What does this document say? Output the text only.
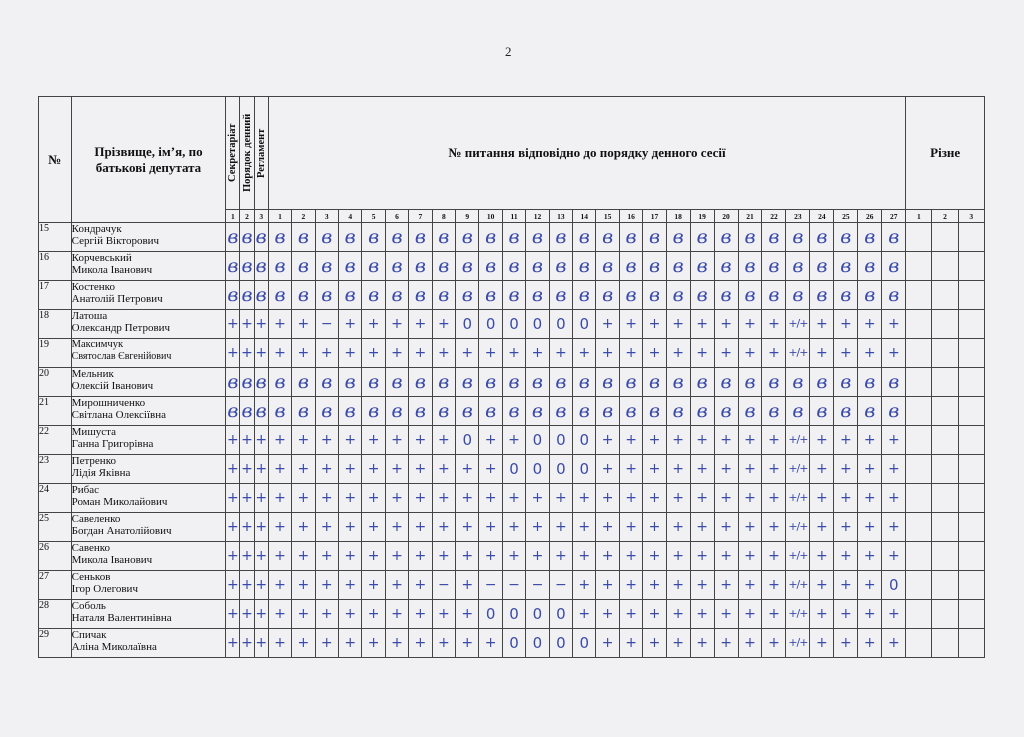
2
№	Прізвище, ім’я, по батькові депутата	Секретаріат	Порядок денний	Регламент	№ питання відповідно до порядку денного сесії																											Різне		
		1	2	3	1	2	3	4	5	6	7	8	9	10	11	12	13	14	15	16	17	18	19	20	21	22	23	24	25	26	27	1	2	3
15	Кондрачук
Сергій Вікторович	в	в	в	в	в	в	в	в	в	в	в	в	в	в	в	в	в	в	в	в	в	в	в	в	в	в	в	в	в	в			
16	Корчевський
Микола Іванович	в	в	в	в	в	в	в	в	в	в	в	в	в	в	в	в	в	в	в	в	в	в	в	в	в	в	в	в	в	в			
17	Костенко
Анатолій Петрович	в	в	в	в	в	в	в	в	в	в	в	в	в	в	в	в	в	в	в	в	в	в	в	в	в	в	в	в	в	в			
18	Латоша
Олександр Петрович	+	+	+	+	+	−	+	+	+	+	+	0	0	0	0	0	0	+	+	+	+	+	+	+	+	+/+	+	+	+	+			
19	Максимчук
Святослав Євгенійович	+	+	+	+	+	+	+	+	+	+	+	+	+	+	+	+	+	+	+	+	+	+	+	+	+	+/+	+	+	+	+			
20	Мельник
Олексій Іванович	в	в	в	в	в	в	в	в	в	в	в	в	в	в	в	в	в	в	в	в	в	в	в	в	в	в	в	в	в	в			
21	Мирошниченко
Світлана Олексіївна	в	в	в	в	в	в	в	в	в	в	в	в	в	в	в	в	в	в	в	в	в	в	в	в	в	в	в	в	в	в			
22	Мишуста
Ганна Григорівна	+	+	+	+	+	+	+	+	+	+	+	0	+	+	0	0	0	+	+	+	+	+	+	+	+	+/+	+	+	+	+			
23	Петренко
Лідія Яківна	+	+	+	+	+	+	+	+	+	+	+	+	+	0	0	0	0	+	+	+	+	+	+	+	+	+/+	+	+	+	+			
24	Рибас
Роман Миколайович	+	+	+	+	+	+	+	+	+	+	+	+	+	+	+	+	+	+	+	+	+	+	+	+	+	+/+	+	+	+	+			
25	Савеленко
Богдан Анатолійович	+	+	+	+	+	+	+	+	+	+	+	+	+	+	+	+	+	+	+	+	+	+	+	+	+	+/+	+	+	+	+			
26	Савенко
Микола Іванович	+	+	+	+	+	+	+	+	+	+	+	+	+	+	+	+	+	+	+	+	+	+	+	+	+	+/+	+	+	+	+			
27	Сеньков
Ігор Олегович	+	+	+	+	+	+	+	+	+	+	−	+	−	−	−	−	+	+	+	+	+	+	+	+	+	+/+	+	+	+	0			
28	Соболь
Наталя Валентинівна	+	+	+	+	+	+	+	+	+	+	+	+	0	0	0	0	+	+	+	+	+	+	+	+	+	+/+	+	+	+	+			
29	Спичак
Аліна Миколаївна	+	+	+	+	+	+	+	+	+	+	+	+	+	0	0	0	0	+	+	+	+	+	+	+	+	+/+	+	+	+	+			
